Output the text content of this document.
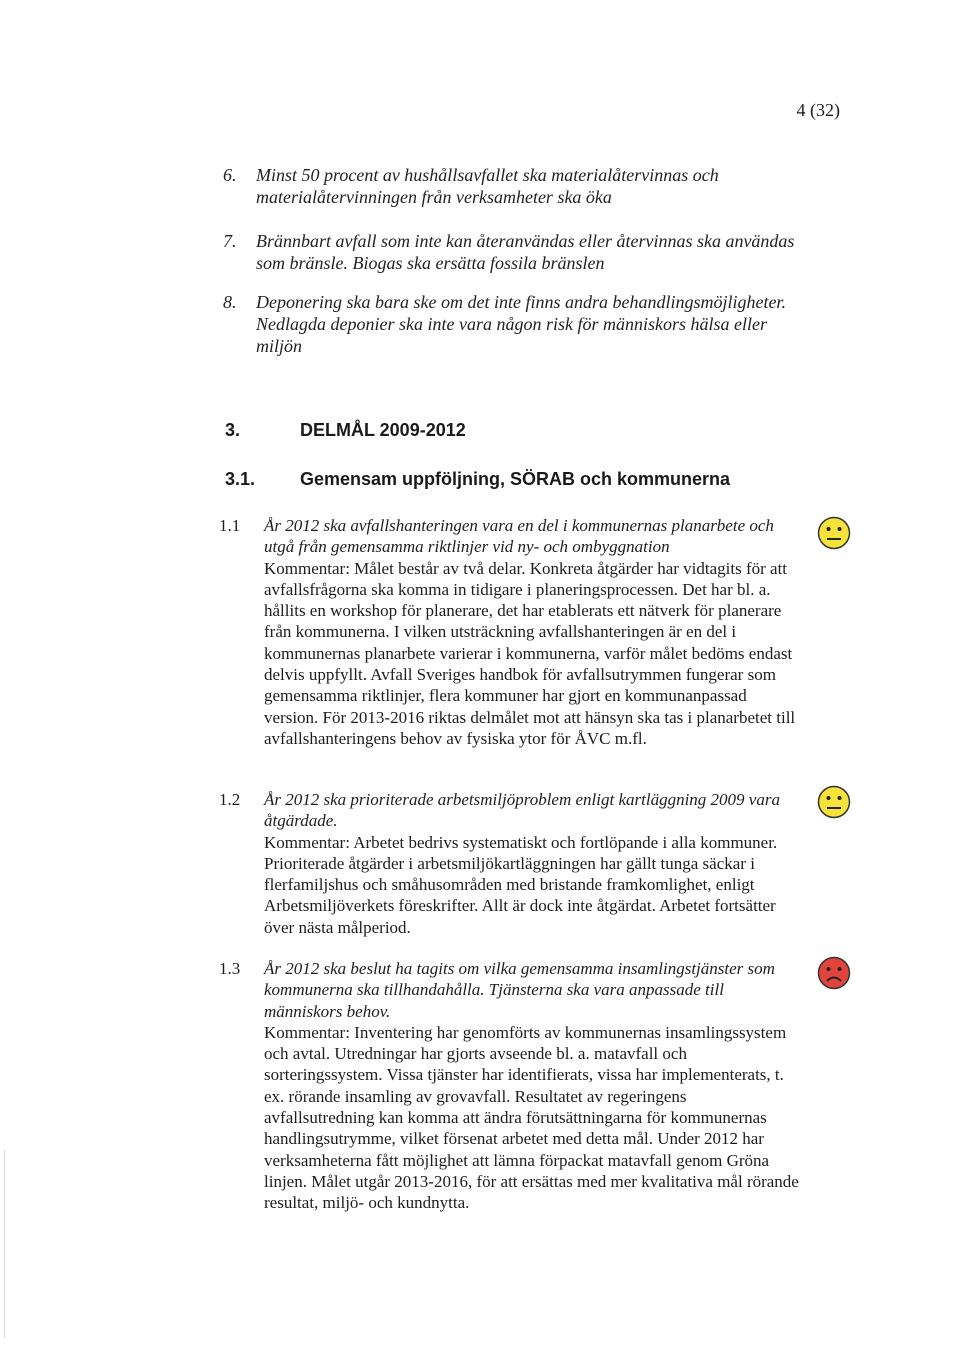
4 (32)
6. Minst 50 procent av hushållsavfallet ska materialåtervinnas och materialåtervinningen från verksamheter ska öka
7. Brännbart avfall som inte kan återanvändas eller återvinnas ska användas som bränsle. Biogas ska ersätta fossila bränslen
8. Deponering ska bara ske om det inte finns andra behandlingsmöjligheter. Nedlagda deponier ska inte vara någon risk för människors hälsa eller miljön
3.	DELMÅL 2009-2012
3.1. Gemensam uppföljning, SÖRAB och kommunerna
1.1 År 2012 ska avfallshanteringen vara en del i kommunernas planarbete och utgå från gemensamma riktlinjer vid ny- och ombyggnation
Kommentar: Målet består av två delar. Konkreta åtgärder har vidtagits för att avfallsfrågorna ska komma in tidigare i planeringsprocessen. Det har bl. a. hållits en workshop för planerare, det har etablerats ett nätverk för planerare från kommunerna. I vilken utsträckning avfallshanteringen är en del i kommunernas planarbete varierar i kommunerna, varför målet bedöms endast delvis uppfyllt. Avfall Sveriges handbok för avfallsutrymmen fungerar som gemensamma riktlinjer, flera kommuner har gjort en kommunanpassad version. För 2013-2016 riktas delmålet mot att hänsyn ska tas i planarbetet till avfallshanteringens behov av fysiska ytor för ÅVC m.fl.
1.2 År 2012 ska prioriterade arbetsmiljöproblem enligt kartläggning 2009 vara åtgärdade.
Kommentar: Arbetet bedrivs systematiskt och fortlöpande i alla kommuner. Prioriterade åtgärder i arbetsmiljökartläggningen har gällt tunga säckar i flerfamiljshus och småhusområden med bristande framkomlighet, enligt Arbetsmiljöverkets föreskrifter. Allt är dock inte åtgärdat. Arbetet fortsätter över nästa målperiod.
1.3 År 2012 ska beslut ha tagits om vilka gemensamma insamlingstjänster som kommunerna ska tillhandahålla. Tjänsterna ska vara anpassade till människors behov.
Kommentar: Inventering har genomförts av kommunernas insamlingssystem och avtal. Utredningar har gjorts avseende bl. a. matavfall och sorteringssystem. Vissa tjänster har identifierats, vissa har implementerats, t. ex. rörande insamling av grovavfall. Resultatet av regeringens avfallsutredning kan komma att ändra förutsättningarna för kommunernas handlingsutrymme, vilket försenat arbetet med detta mål. Under 2012 har verksamheterna fått möjlighet att lämna förpackat matavfall genom Gröna linjen. Målet utgår 2013-2016, för att ersättas med mer kvalitativa mål rörande resultat, miljö- och kundnytta.
